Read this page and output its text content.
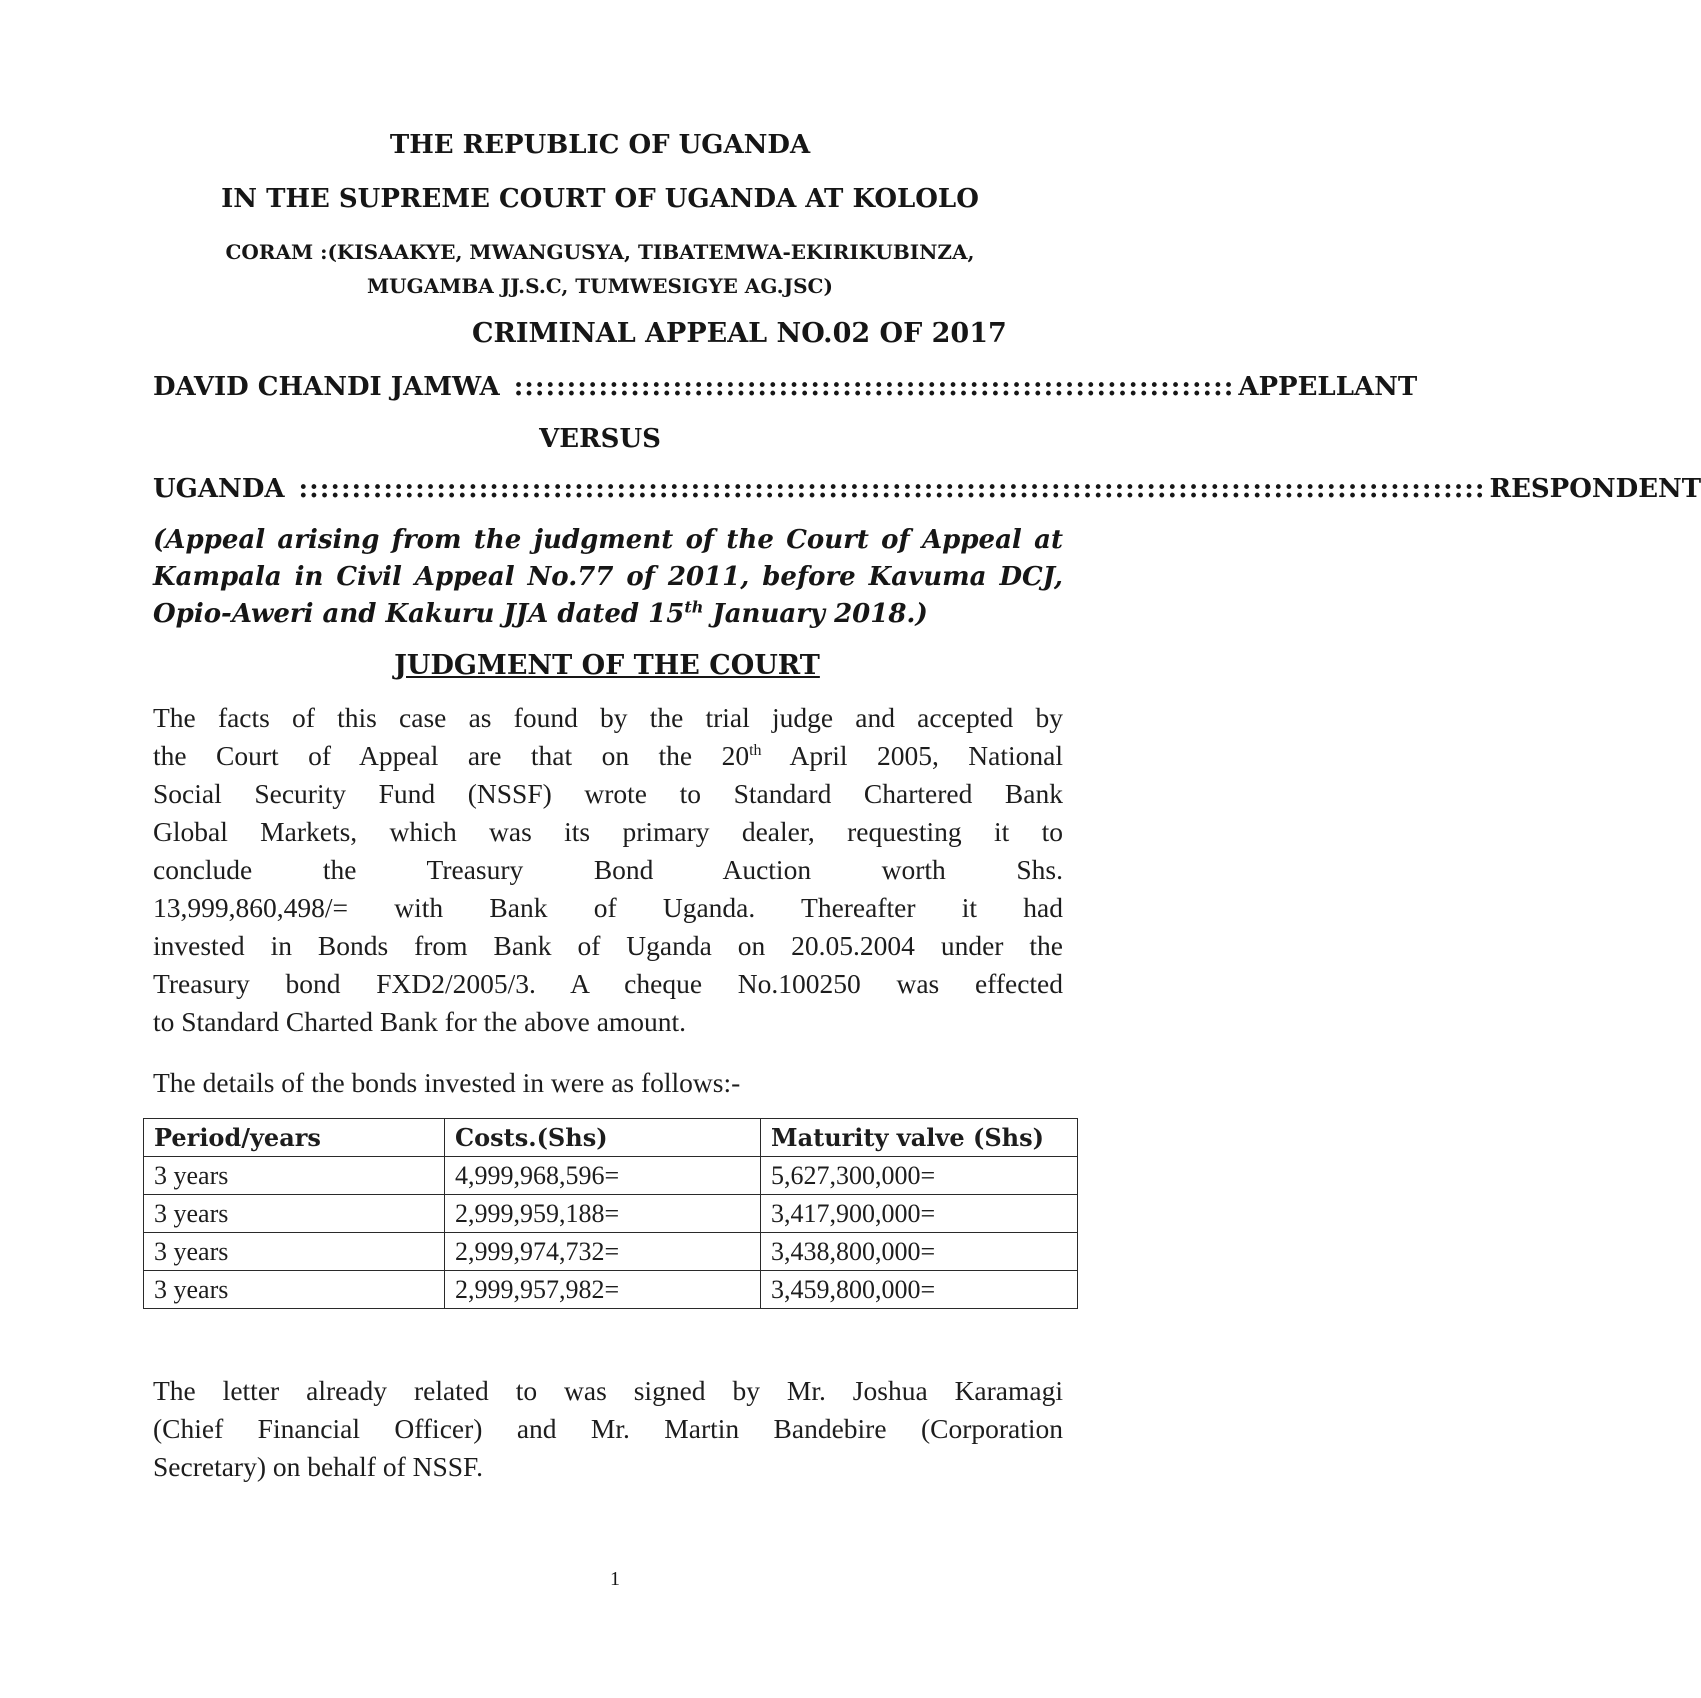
THE REPUBLIC OF UGANDA
IN THE SUPREME COURT OF UGANDA AT KOLOLO
CORAM :(KISAAKYE, MWANGUSYA, TIBATEMWA-EKIRIKUBINZA,
MUGAMBA JJ.S.C, TUMWESIGYE AG.JSC)
CRIMINAL APPEAL NO.02 OF 2017
DAVID CHANDI JAMWA :::::::::::::::::::::::::::::::::::::::::::::::::::::::::::::::::::: APPELLANT
VERSUS
UGANDA :::::::::::::::::::::::::::::::::::::::::::::::::::::::::::::::::::::::::::::::::::::::::::::::::::::::::::::::: RESPONDENT
(Appeal arising from the judgment of the Court of Appeal at
Kampala in Civil Appeal No.77 of 2011, before Kavuma DCJ,
Opio-Aweri and Kakuru JJA dated 15th January 2018.)
JUDGMENT OF THE COURT
The facts of this case as found by the trial judge and accepted by
the Court of Appeal are that on the 20th April 2005, National
Social Security Fund (NSSF) wrote to Standard Chartered Bank
Global Markets, which was its primary dealer, requesting it to
conclude the Treasury Bond Auction worth Shs.
13,999,860,498/= with Bank of Uganda. Thereafter it had
invested in Bonds from Bank of Uganda on 20.05.2004 under the
Treasury bond FXD2/2005/3. A cheque No.100250 was effected
to Standard Charted Bank for the above amount.
The details of the bonds invested in were as follows:-
Period/years	Costs.(Shs)	Maturity valve (Shs)
3 years	4,999,968,596=	5,627,300,000=
3 years	2,999,959,188=	3,417,900,000=
3 years	2,999,974,732=	3,438,800,000=
3 years	2,999,957,982=	3,459,800,000=
The letter already related to was signed by Mr. Joshua Karamagi
(Chief Financial Officer) and Mr. Martin Bandebire (Corporation
Secretary) on behalf of NSSF.
1
